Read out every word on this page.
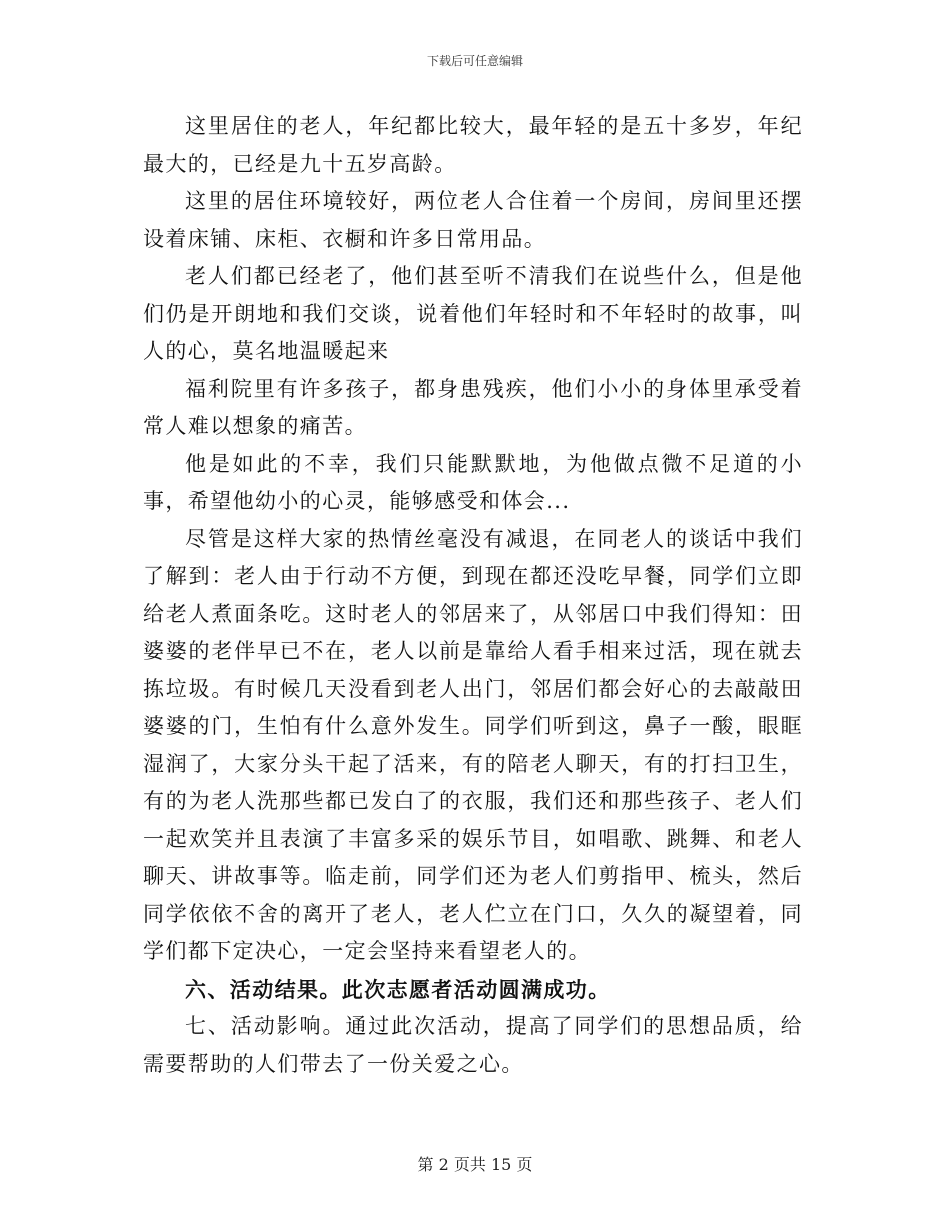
下载后可任意编辑

这里居住的老人，年纪都比较大，最年轻的是五十多岁，年纪最大的，已经是九十五岁高龄。

这里的居住环境较好，两位老人合住着一个房间，房间里还摆设着床铺、床柜、衣橱和许多日常用品。

老人们都已经老了，他们甚至听不清我们在说些什么，但是他们仍是开朗地和我们交谈，说着他们年轻时和不年轻时的故事，叫人的心，莫名地温暖起来

福利院里有许多孩子，都身患残疾，他们小小的身体里承受着常人难以想象的痛苦。

他是如此的不幸，我们只能默默地，为他做点微不足道的小事，希望他幼小的心灵，能够感受和体会...

尽管是这样大家的热情丝毫没有减退，在同老人的谈话中我们了解到：老人由于行动不方便，到现在都还没吃早餐，同学们立即给老人煮面条吃。这时老人的邻居来了，从邻居口中我们得知：田婆婆的老伴早已不在，老人以前是靠给人看手相来过活，现在就去拣垃圾。有时候几天没看到老人出门，邻居们都会好心的去敲敲田婆婆的门，生怕有什么意外发生。同学们听到这，鼻子一酸，眼眶湿润了，大家分头干起了活来，有的陪老人聊天，有的打扫卫生，有的为老人洗那些都已发白了的衣服，我们还和那些孩子、老人们一起欢笑并且表演了丰富多采的娱乐节目，如唱歌、跳舞、和老人聊天、讲故事等。临走前，同学们还为老人们剪指甲、梳头，然后同学依依不舍的离开了老人，老人伫立在门口，久久的凝望着，同学们都下定决心，一定会坚持来看望老人的。

六、活动结果。此次志愿者活动圆满成功。

七、活动影响。通过此次活动，提高了同学们的思想品质，给需要帮助的人们带去了一份关爱之心。

第 2 页共 15 页
